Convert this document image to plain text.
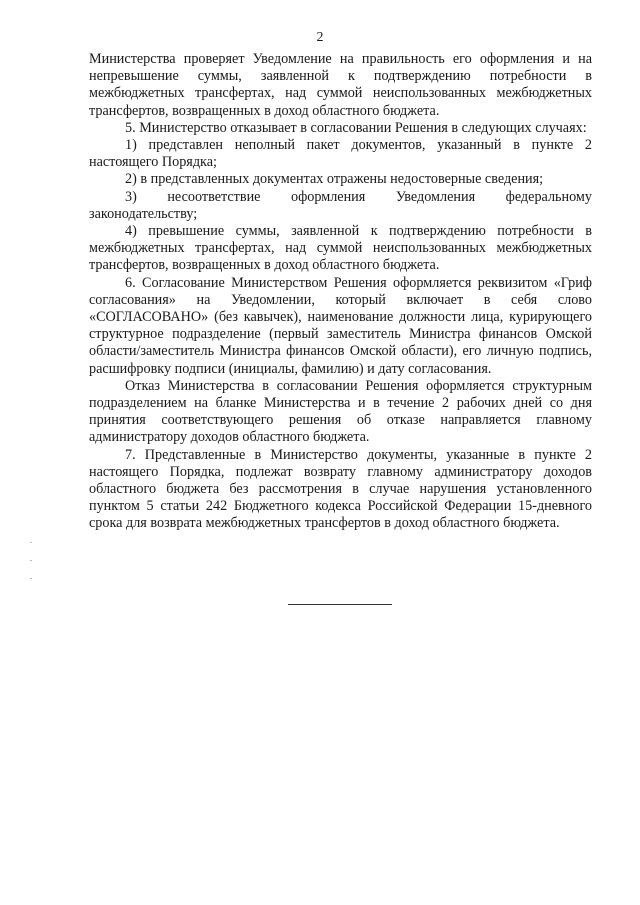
2

Министерства проверяет Уведомление на правильность его оформления и на непревышение суммы, заявленной к подтверждению потребности в межбюджетных трансфертах, над суммой неиспользованных межбюджетных трансфертов, возвращенных в доход областного бюджета.

5. Министерство отказывает в согласовании Решения в следующих случаях:

1) представлен неполный пакет документов, указанный в пункте 2 настоящего Порядка;

2) в представленных документах отражены недостоверные сведения;

3) несоответствие оформления Уведомления федеральному законодательству;

4) превышение суммы, заявленной к подтверждению потребности в межбюджетных трансфертах, над суммой неиспользованных межбюджетных трансфертов, возвращенных в доход областного бюджета.

6. Согласование Министерством Решения оформляется реквизитом «Гриф согласования» на Уведомлении, который включает в себя слово «СОГЛАСОВАНО» (без кавычек), наименование должности лица, курирующего структурное подразделение (первый заместитель Министра финансов Омской области/заместитель Министра финансов Омской области), его личную подпись, расшифровку подписи (инициалы, фамилию) и дату согласования.

Отказ Министерства в согласовании Решения оформляется структурным подразделением на бланке Министерства и в течение 2 рабочих дней со дня принятия соответствующего решения об отказе направляется главному администратору доходов областного бюджета.

7. Представленные в Министерство документы, указанные в пункте 2 настоящего Порядка, подлежат возврату главному администратору доходов областного бюджета без рассмотрения в случае нарушения установленного пунктом 5 статьи 242 Бюджетного кодекса Российской Федерации 15-дневного срока для возврата межбюджетных трансфертов в доход областного бюджета.
